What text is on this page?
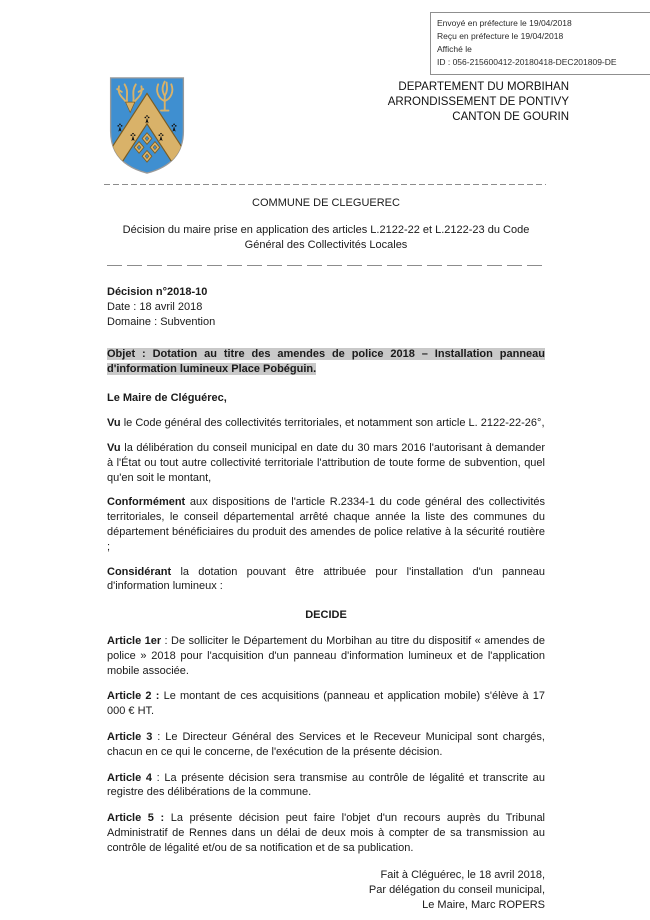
Envoyé en préfecture le 19/04/2018
Reçu en préfecture le 19/04/2018
Affiché le
ID : 056-215600412-20180418-DEC201809-DE
DEPARTEMENT DU MORBIHAN
ARRONDISSEMENT DE PONTIVY
CANTON DE GOURIN
COMMUNE DE CLEGUEREC
Décision du maire prise en application des articles L.2122-22 et L.2122-23 du Code Général des Collectivités Locales
Décision n°2018-10
Date : 18 avril 2018
Domaine : Subvention
Objet : Dotation au titre des amendes de police 2018 – Installation panneau d'information lumineux Place Pobéguin.
Le Maire de Cléguérec,
Vu le Code général des collectivités territoriales, et notamment son article L. 2122-22-26°,
Vu la délibération du conseil municipal en date du 30 mars 2016 l'autorisant à demander à l'État ou tout autre collectivité territoriale l'attribution de toute forme de subvention, quel qu'en soit le montant,
Conformément aux dispositions de l'article R.2334-1 du code général des collectivités territoriales, le conseil départemental arrêté chaque année la liste des communes du département bénéficiaires du produit des amendes de police relative à la sécurité routière ;
Considérant la dotation pouvant être attribuée pour l'installation d'un panneau d'information lumineux :
DECIDE
Article 1er : De solliciter le Département du Morbihan au titre du dispositif « amendes de police » 2018 pour l'acquisition d'un panneau d'information lumineux et de l'application mobile associée.
Article 2 : Le montant de ces acquisitions (panneau et application mobile) s'élève à 17 000 € HT.
Article 3 : Le Directeur Général des Services et le Receveur Municipal sont chargés, chacun en ce qui le concerne, de l'exécution de la présente décision.
Article 4 : La présente décision sera transmise au contrôle de légalité et transcrite au registre des délibérations de la commune.
Article 5 : La présente décision peut faire l'objet d'un recours auprès du Tribunal Administratif de Rennes dans un délai de deux mois à compter de sa transmission au contrôle de légalité et/ou de sa notification et de sa publication.
Fait à Cléguérec, le 18 avril 2018,
Par délégation du conseil municipal,
Le Maire, Marc ROPERS
